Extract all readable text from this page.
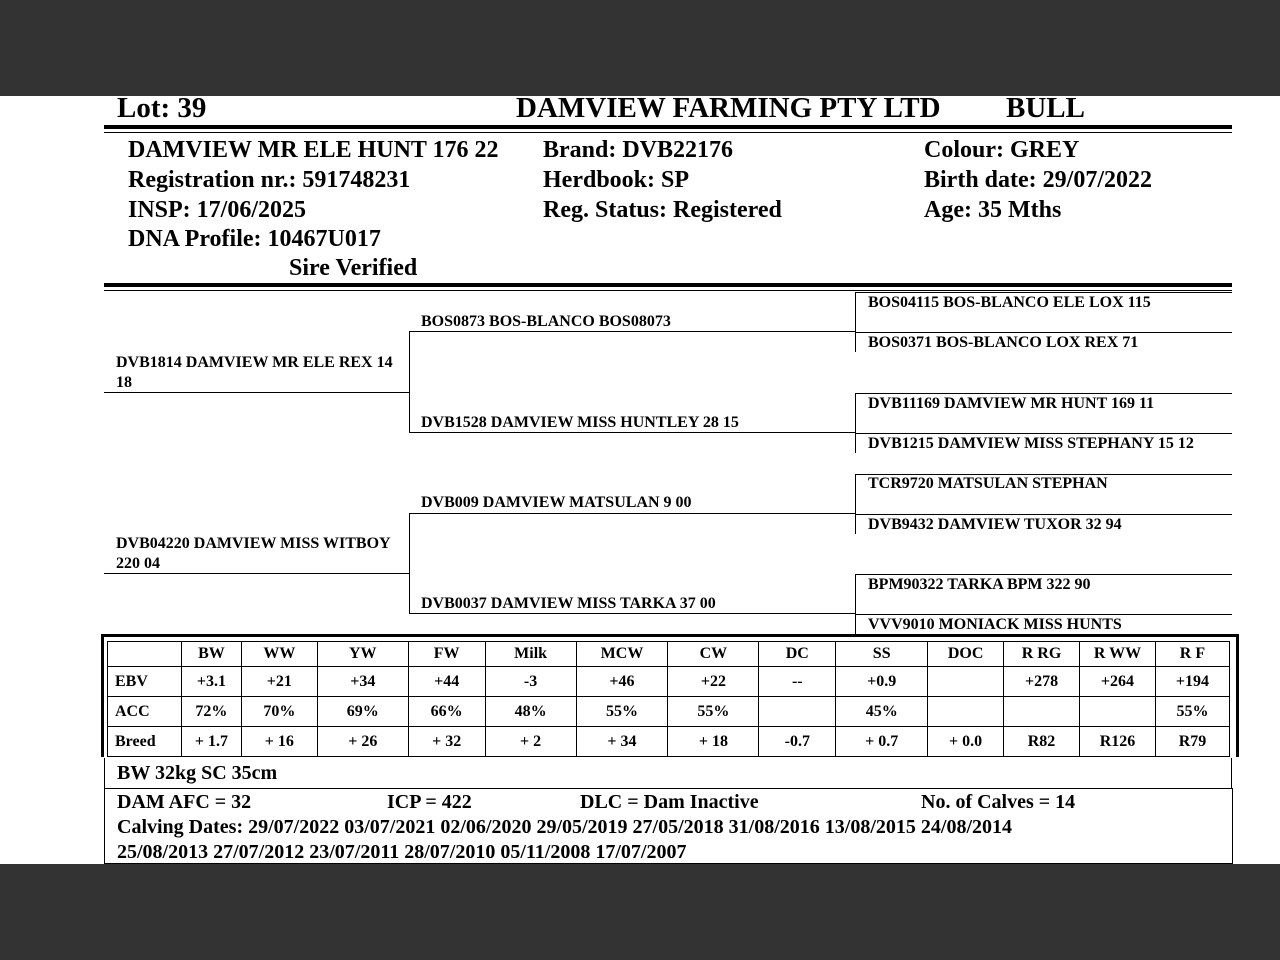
Lot: 39	DAMVIEW FARMING PTY LTD BULL
DAMVIEW MR ELE HUNT 176 22
Registration nr.: 591748231
INSP: 17/06/2025
DNA Profile: 10467U017
Sire Verified
Brand: DVB22176
Herdbook: SP
Reg. Status: Registered
Colour: GREY
Birth date: 29/07/2022
Age: 35 Mths
DVB1814 DAMVIEW MR ELE REX 14 18
DVB04220 DAMVIEW MISS WITBOY 220 04
BOS0873 BOS-BLANCO BOS08073
DVB1528 DAMVIEW MISS HUNTLEY 28 15
DVB009 DAMVIEW MATSULAN 9 00
DVB0037 DAMVIEW MISS TARKA 37 00
BOS04115 BOS-BLANCO ELE LOX 115
BOS0371 BOS-BLANCO LOX REX 71
DVB11169 DAMVIEW MR HUNT 169 11
DVB1215 DAMVIEW MISS STEPHANY 15 12
TCR9720 MATSULAN STEPHAN
DVB9432 DAMVIEW TUXOR 32 94
BPM90322 TARKA BPM 322 90
VVV9010 MONIACK MISS HUNTS
	BW	WW	YW	FW	Milk	MCW	CW	DC	SS	DOC	R RG	R WW	R F
EBV	+3.1	+21	+34	+44	-3	+46	+22	--	+0.9		+278	+264	+194
ACC	72%	70%	69%	66%	48%	55%	55%		45%				55%
Breed	+ 1.7	+ 16	+ 26	+ 32	+ 2	+ 34	+ 18	-0.7	+ 0.7	+ 0.0	R82	R126	R79
BW 32kg SC 35cm
DAM AFC = 32	ICP = 422	DLC = Dam Inactive	No. of Calves = 14
Calving Dates: 29/07/2022 03/07/2021 02/06/2020 29/05/2019 27/05/2018 31/08/2016 13/08/2015 24/08/2014
25/08/2013 27/07/2012 23/07/2011 28/07/2010 05/11/2008 17/07/2007
